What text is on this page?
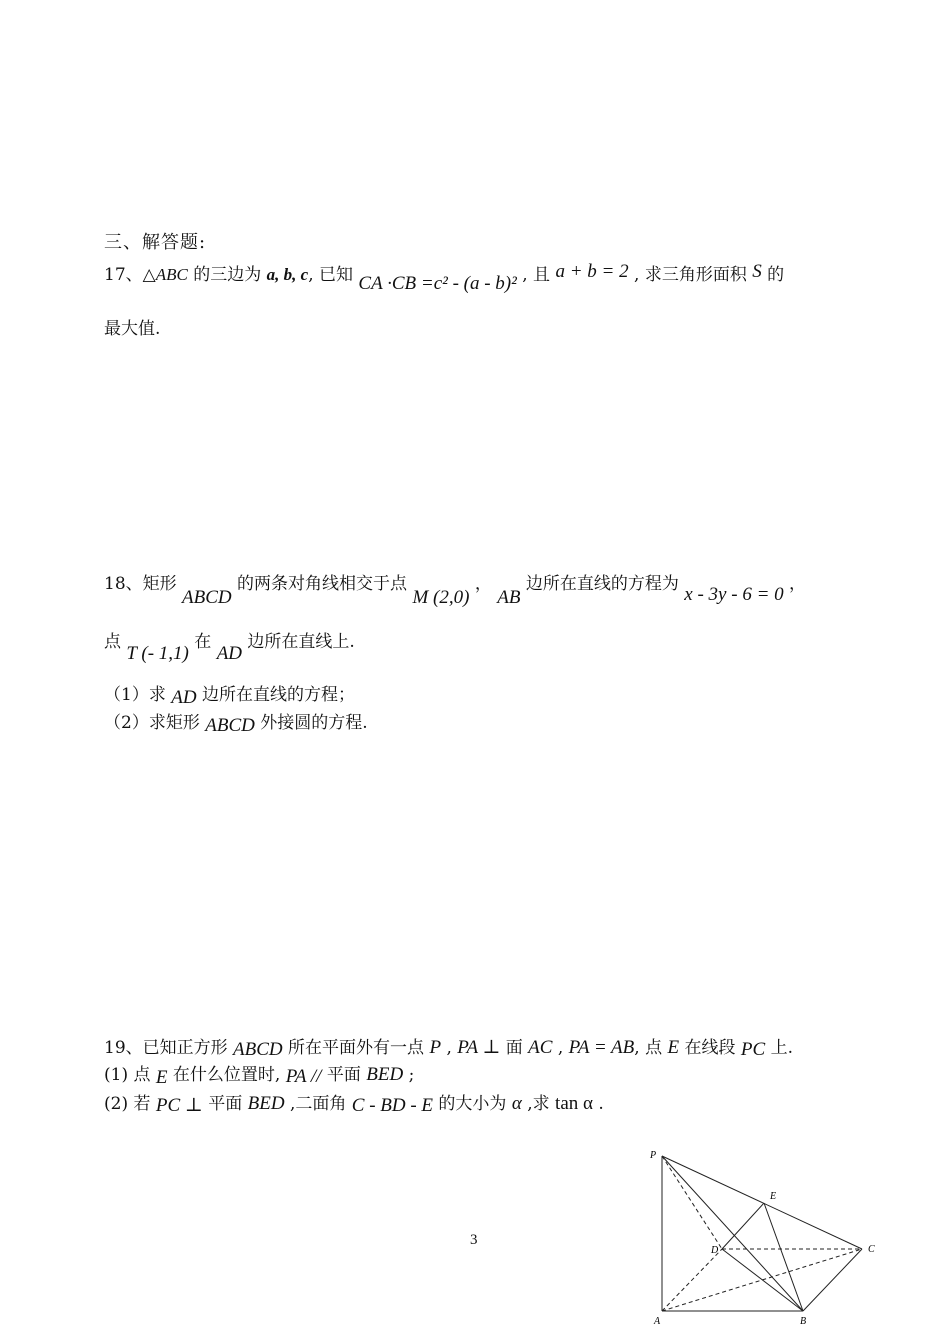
三、解答题:
17、△ABC 的三边为 a, b, c, 已知 CA ·CB =c² - (a - b)² , 且 a + b = 2 , 求三角形面积 S 的
最大值.
18、矩形 ABCD 的两条对角线相交于点 M (2,0) ， AB 边所在直线的方程为 x - 3y - 6 = 0 ，
点 T (- 1,1) 在 AD 边所在直线上.
（1）求 AD 边所在直线的方程；
（2）求矩形 ABCD 外接圆的方程.
19、已知正方形 ABCD 所在平面外有一点 P , PA ⊥ 面 AC , PA = AB, 点 E 在线段 PC 上.
(1) 点 E 在什么位置时, PA // 平面 BED ;
(2) 若 PC ⊥ 平面 BED ,二面角 C - BD - E 的大小为 α ,求 tan α .
P
E
D	C
A	B
3
